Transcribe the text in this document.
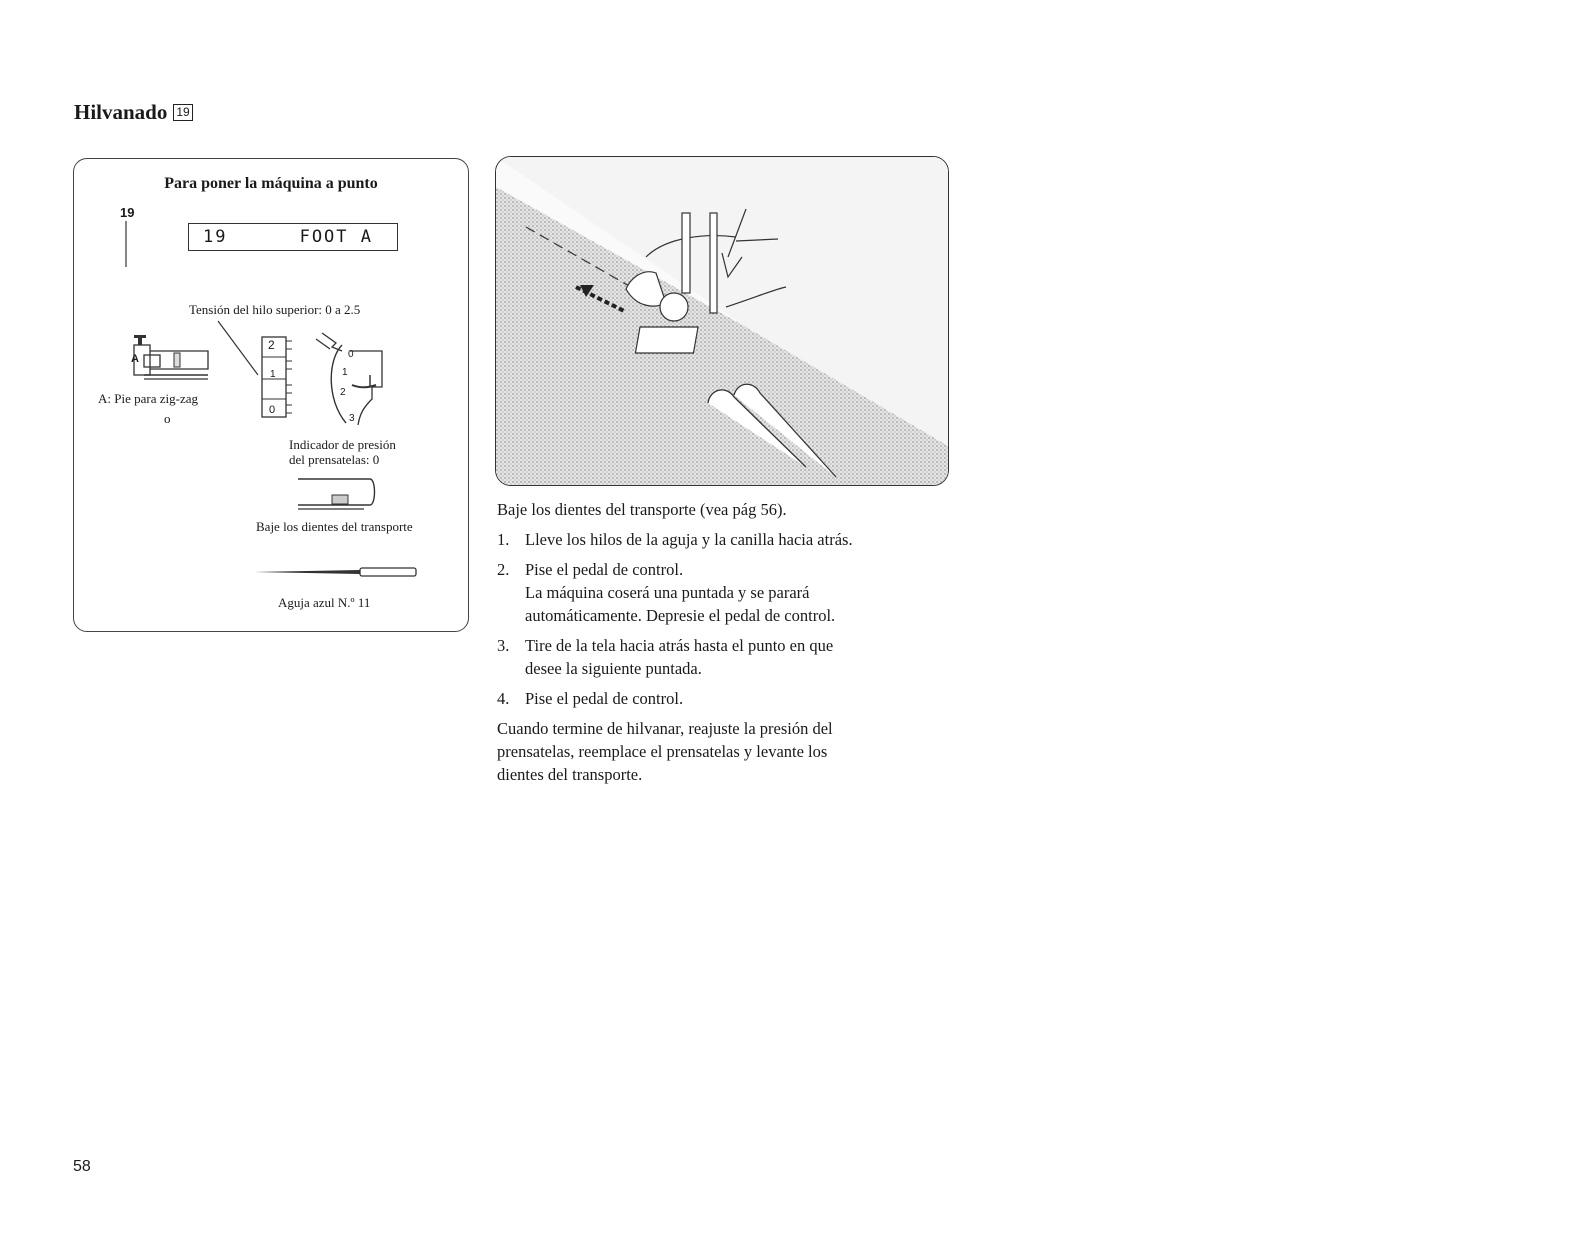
Hilvanado 19
Para poner la máquina a punto
19
19	FOOT A
Tensión del hilo superior: 0 a 2.5
A
A: Pie para zig-zag
o
2
1
0
0
1
2
3
Indicador de presión
del prensatelas: 0
Baje los dientes del transporte
Aguja azul N.º 11

Baje los dientes del transporte (vea pág 56).

1. Lleve los hilos de la aguja y la canilla hacia atrás.
2. Pise el pedal de control.
La máquina coserá una puntada y se parará
automáticamente. Depresie el pedal de control.
3. Tire de la tela hacia atrás hasta el punto en que
desee la siguiente puntada.
4. Pise el pedal de control.

Cuando termine de hilvanar, reajuste la presión del
prensatelas, reemplace el prensatelas y levante los
dientes del transporte.

58
